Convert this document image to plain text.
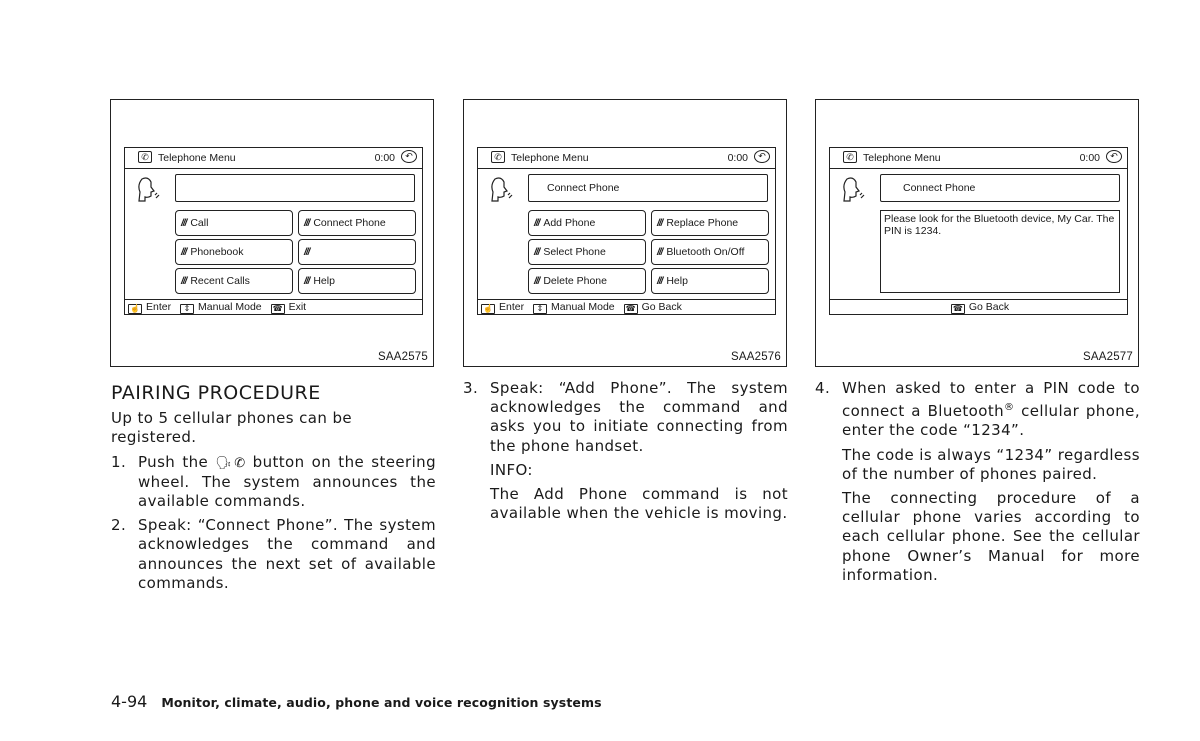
✆ Telephone Menu	0:00	↶
/// Call	/// Connect Phone
/// Phonebook	///
/// Recent Calls	/// Help
☝ Enter ⇕ Manual Mode ☎ Exit
SAA2575
✆ Telephone Menu	0:00	↶
Connect Phone
/// Add Phone	/// Replace Phone
/// Select Phone	/// Bluetooth On/Off
/// Delete Phone	/// Help
☝ Enter ⇕ Manual Mode ☎ Go Back
SAA2576
✆ Telephone Menu	0:00	↶
Connect Phone
Please look for the Bluetooth device, My Car. The PIN is 1234.
☎ Go Back
SAA2577
PAIRING PROCEDURE

Up to 5 cellular phones can be registered.

1. Push the 🗣✆ button on the steering wheel. The system announces the available commands.
2. Speak: “Connect Phone”. The system acknowledges the command and announces the next set of available commands.
3. Speak: “Add Phone”. The system acknowledges the command and asks you to initiate connecting from the phone handset.
INFO:
The Add Phone command is not available when the vehicle is moving.
4. When asked to enter a PIN code to connect a Bluetooth® cellular phone, enter the code “1234”.
The code is always “1234” regardless of the number of phones paired.
The connecting procedure of a cellular phone varies according to each cellular phone. See the cellular phone Owner’s Manual for more information.
4-94 Monitor, climate, audio, phone and voice recognition systems
